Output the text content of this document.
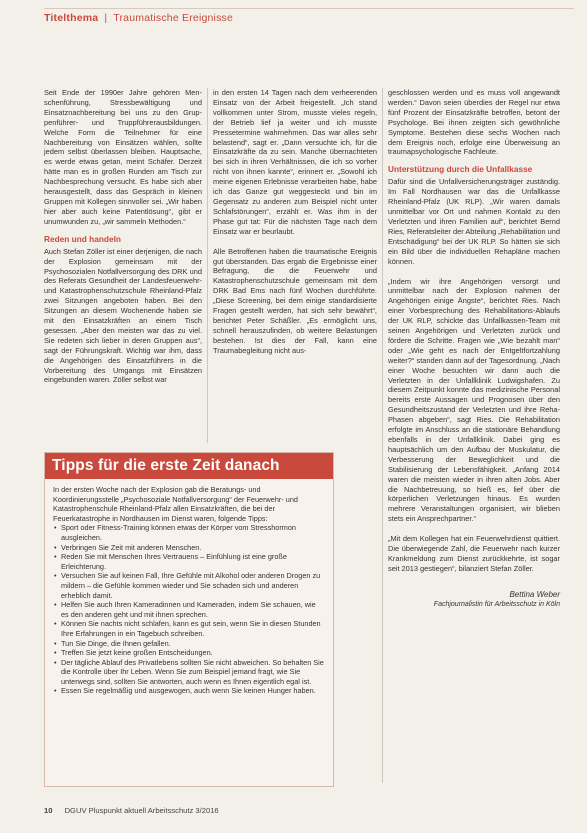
Titelthema | Traumatische Ereignisse

Seit Ende der 1990er Jahre gehören Men-schenführung, Stressbewältigung und Einsatznachbereitung bei uns zu den Grup-penführer- und Truppführerausbildungen. Welche Form die Teilnehmer für eine Nachbereitung von Einsätzen wählen, sollte jedem selbst überlassen bleiben. Hauptsache, es werde etwas getan, meint Schäfer. Derzeit hätte man es in großen Runden am Tisch zur Nachbesprechung versucht. Es habe sich aber herausgestellt, dass das Gespräch in kleinen Gruppen mit Kollegen sinnvoller sei. „Wir haben hier aber auch keine Patentlösung“, gibt er unumwunden zu, „wir sammeln Methoden.“

Reden und handeln

Auch Stefan Zöller ist einer derjenigen, die nach der Explosion gemeinsam mit der Psychosozialen Notfallversorgung des DRK und des Referats Gesundheit der Landesfeuerwehr- und Katastrophenschutzschule Rheinland-Pfalz zwei Sitzungen angeboten haben. Bei den Sitzungen an diesem Wochenende haben sie mit den Einsatzkräften an einem Tisch gesessen. „Aber den meisten war das zu viel. Sie redeten sich lieber in deren Gruppen aus“, sagt der Führungskraft. Wichtig war ihm, dass die Angehörigen des Einsatzführers in die Vorbereitung des Umgangs mit Einsätzen eingebunden waren. Zöller selbst war

in den ersten 14 Tagen nach dem verheerenden Einsatz von der Arbeit freigestellt. „Ich stand vollkommen unter Strom, musste vieles regeln, der Betrieb lief ja weiter und ich musste Pressetermine wahrnehmen. Das war alles sehr belastend“, sagt er. „Dann versuchte ich, für die Einsatzkräfte da zu sein. Manche übernachteten bei sich in ihren Verhältnissen, die ich so vorher nicht von ihnen kannte“, erinnert er. „Sowohl ich meine eigenen Erlebnisse verarbeiten habe, habe ich das Ganze gut weggesteckt und bin im Gegensatz zu anderen zum Beispiel nicht unter Schlafstörungen“, erzählt er. Was ihm in der Phase gut tat: Für die nächsten Tage nach dem Einsatz war er beurlaubt.

Alle Betroffenen haben die traumatische Ereignis gut überstanden. Das ergab die Ergebnisse einer Befragung, die die Feuerwehr und Katastrophenschutzschule gemeinsam mit dem DRK Bad Ems nach fünf Wochen durchführte. „Diese Screening, bei dem einige standardisierte Fragen gestellt werden, hat sich sehr bewährt“, berichtet Peter Schäßler. „Es ermöglicht uns, schnell herauszufinden, ob weitere Belastungen bestehen. Ist dies der Fall, kann eine Traumabegleitung nicht aus-

geschlossen werden und es muss voll angewandt werden.“ Davon seien überdies der Regel nur etwa fünf Prozent der Einsatzkräfte betroffen, betont der Psychologe. Bei ihnen zeigten sich gewöhnliche Symptome. Bestehen diese sechs Wochen nach dem Ereignis noch, erfolge eine Überweisung an traumapsychologische Fachleute.

Unterstützung durch die Unfallkasse

Dafür sind die Unfallversicherungsträger zuständig. Im Fall Nordhausen war das die Unfallkasse Rheinland-Pfalz (UK RLP). „Wir waren damals unmittelbar vor Ort und nahmen Kontakt zu den Verletzten und ihren Familien auf“, berichtet Bernd Ries, Referatsleiter der Abteilung „Rehabilitation und Entschädigung“ bei der UK RLP. So hätten sie sich ein Bild über die individuellen Rehapläne machen können.

„Indem wir ihre Angehörigen versorgt und unmittelbar nach der Explosion nahmen der Angehörigen einige Ängste“, berichtet Ries. Nach einer Vorbesprechung des Rehabilitations-Ablaufs der UK RLP, schickte das Unfallkassen-Team mit seinen Angehörigen und Verletzten zurück und fördere die Schritte. Fragen wie „Wie bezahlt man“ oder „Wie geht es nach der Entgeltfortzahlung weiter?“ standen dann auf der Tagesordnung. „Nach einer Woche besuchten wir dann auch die Verletzten in der Unfallklinik Ludwigshafen. Zu diesem Zeitpunkt konnte das medizinische Personal bereits erste Aussagen und Prognosen über den Gesundheitszustand der Verletzten und ihre Reha-Phasen abgeben“, sagt Ries. Die Rehabilitation erfolgte im Anschluss an die stationäre Behandlung ebenfalls in der Unfallklinik. Dabei ging es hauptsächlich um den Aufbau der Muskulatur, die Verbesserung der Beweglichkeit und die Stabilisierung der Lebensfähigkeit. „Anfang 2014 waren die meisten wieder in ihren alten Jobs. Aber die Nachbetreuung, so hieß es, lief über die körperlichen Verletzungen hinaus. Es wurden mehrere Veranstaltungen organisiert, wir blieben stets ein Ansprechpartner.“

„Mit dem Kollegen hat ein Feuerwehrdienst quittiert. Die überwiegende Zahl, die Feuerwehr nach kurzer Krankmeldung zum Dienst zurückkehrte, ist sogar seit 2013 gestiegen“, bilanziert Stefan Zöller.

Bettina Weber
Fachjournalistin für Arbeitsschutz in Köln
Tipps für die erste Zeit danach

In der ersten Woche nach der Explosion gab die Beratungs- und Koordinierungsstelle „Psychosoziale Notfallversorgung“ der Feuerwehr- und Katastrophenschule Rheinland-Pfalz allen Einsatzkräften, die bei der Feuerkatastrophe in Nordhausen im Dienst waren, folgende Tipps:

• Sport oder Fitness-Training können etwas der Körper vom Stresshormon ausgleichen.
• Verbringen Sie Zeit mit anderen Menschen.
• Reden Sie mit Menschen Ihres Vertrauens – Einfühlung ist eine große Erleichterung.
• Versuchen Sie auf keinen Fall, Ihre Gefühle mit Alkohol oder anderen Drogen zu mildern – die Gefühle kommen wieder und Sie schaden sich und anderen erheblich damit.
• Helfen Sie auch Ihren Kameradinnen und Kameraden, indem Sie schauen, wie es den anderen geht und mit ihnen sprechen.
• Können Sie nachts nicht schlafen, kann es gut sein, wenn Sie in diesen Stunden Ihre Erfahrungen in ein Tagebuch schreiben.
• Tun Sie Dinge, die Ihnen gefallen.
• Treffen Sie jetzt keine großen Entscheidungen.
• Der tägliche Ablauf des Privatlebens sollten Sie nicht abweichen. So behalten Sie die Kontrolle über Ihr Leben. Wenn Sie zum Beispiel jemand fragt, wie Sie unterwegs sind, sollten Sie antworten, auch wenn es Ihnen eigentlich egal ist.
• Essen Sie regelmäßig und ausgewogen, auch wenn Sie keinen Hunger haben.
10 DGUV Pluspunkt aktuell Arbeitsschutz 3/2016
